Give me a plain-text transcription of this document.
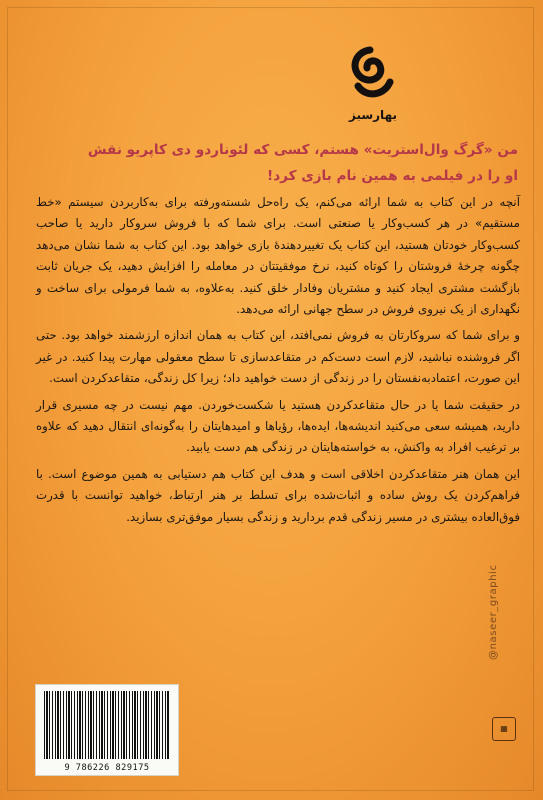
بهارسبز
من «گرگ وال‌استریت» هستم، کسی که لئوناردو دی کاپریو نقش
او را در فیلمی به همین نام بازی کرد!

آنچه در این کتاب به شما ارائه می‌کنم، یک راه‌حل شسته‌ورفته برای به‌کاربردن سیستم «خط مستقیم» در هر کسب‌وکار یا صنعتی است. برای شما که با فروش سروکار دارید یا صاحب کسب‌وکار خودتان هستید، این کتاب یک تغییردهندهٔ بازی خواهد بود. این کتاب به شما نشان می‌دهد چگونه چرخهٔ فروشتان را کوتاه کنید، نرخ موفقیتتان در معامله را افزایش دهید، یک جریان ثابت بازگشت مشتری ایجاد کنید و مشتریان وفادار خلق کنید. به‌علاوه، به شما فرمولی برای ساخت و نگهداری از یک نیروی فروش در سطح جهانی ارائه می‌دهد.

و برای شما که سروکارتان به فروش نمی‌افتد، این کتاب به همان اندازه ارزشمند خواهد بود. حتی اگر فروشنده نباشید، لازم است دست‌کم در متقاعدسازی تا سطح معقولی مهارت پیدا کنید. در غیر این صورت، اعتمادبه‌نفستان را در زندگی از دست خواهید داد؛ زیرا کل زندگی، متقاعدکردن است.

در حقیقت شما یا در حال متقاعدکردن هستید یا شکست‌خوردن. مهم نیست در چه مسیری قرار دارید، همیشه سعی می‌کنید اندیشه‌ها، ایده‌ها، رؤیاها و امیدهایتان را به‌گونه‌ای انتقال دهید که علاوه بر ترغیب افراد به واکنش، به خواسته‌هایتان در زندگی هم دست یابید.

این همان هنر متقاعدکردن اخلاقی است و هدف این کتاب هم دستیابی به همین موضوع است. با فراهم‌کردن یک روش ساده و اثبات‌شده برای تسلط بر هنر ارتباط، خواهید توانست با قدرت فوق‌العاده بیشتری در مسیر زندگی قدم بردارید و زندگی بسیار موفق‌تری بسازید.

9 786226 829175
@naseer_graphic
▦
